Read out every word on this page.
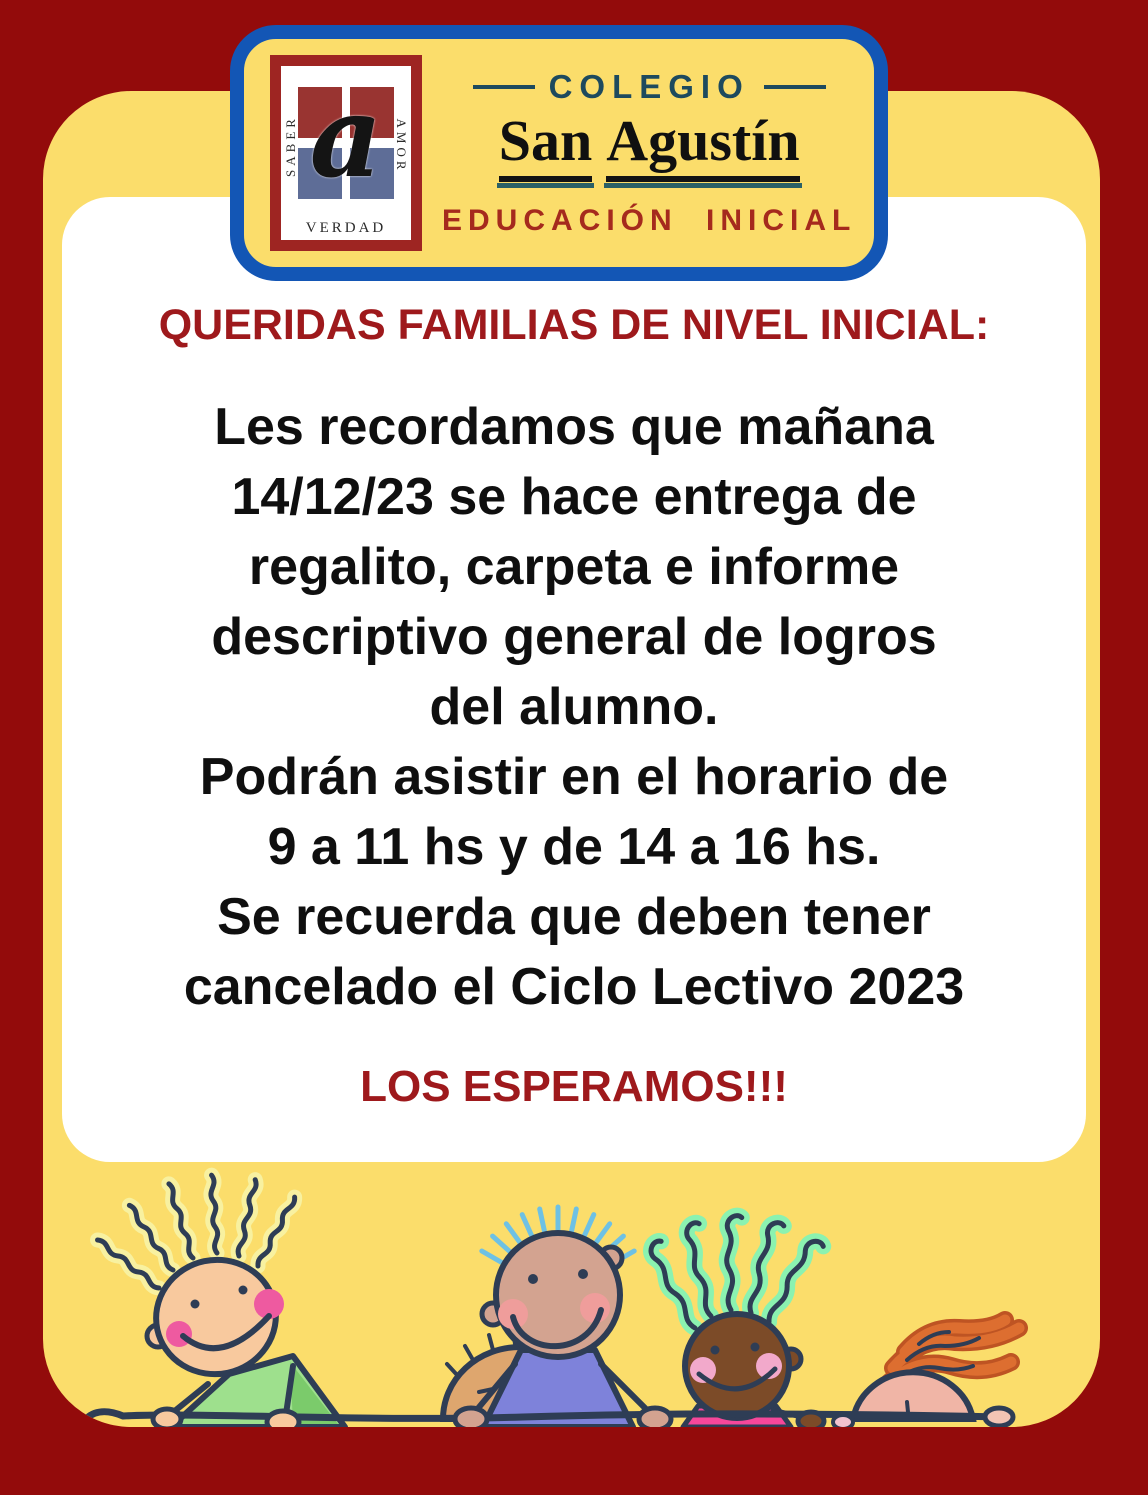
QUERIDAS FAMILIAS DE NIVEL INICIAL:
Les recordamos que mañana
14/12/23 se hace entrega de
regalito, carpeta e informe
descriptivo general de logros
del alumno.
Podrán asistir en el horario de
9 a 11 hs y de 14 a 16 hs.
Se recuerda que deben tener
cancelado el Ciclo Lectivo 2023
LOS ESPERAMOS!!!
a
SABER	AMOR
VERDAD
COLEGIO
San Agustín
EDUCACIÓN INICIAL
